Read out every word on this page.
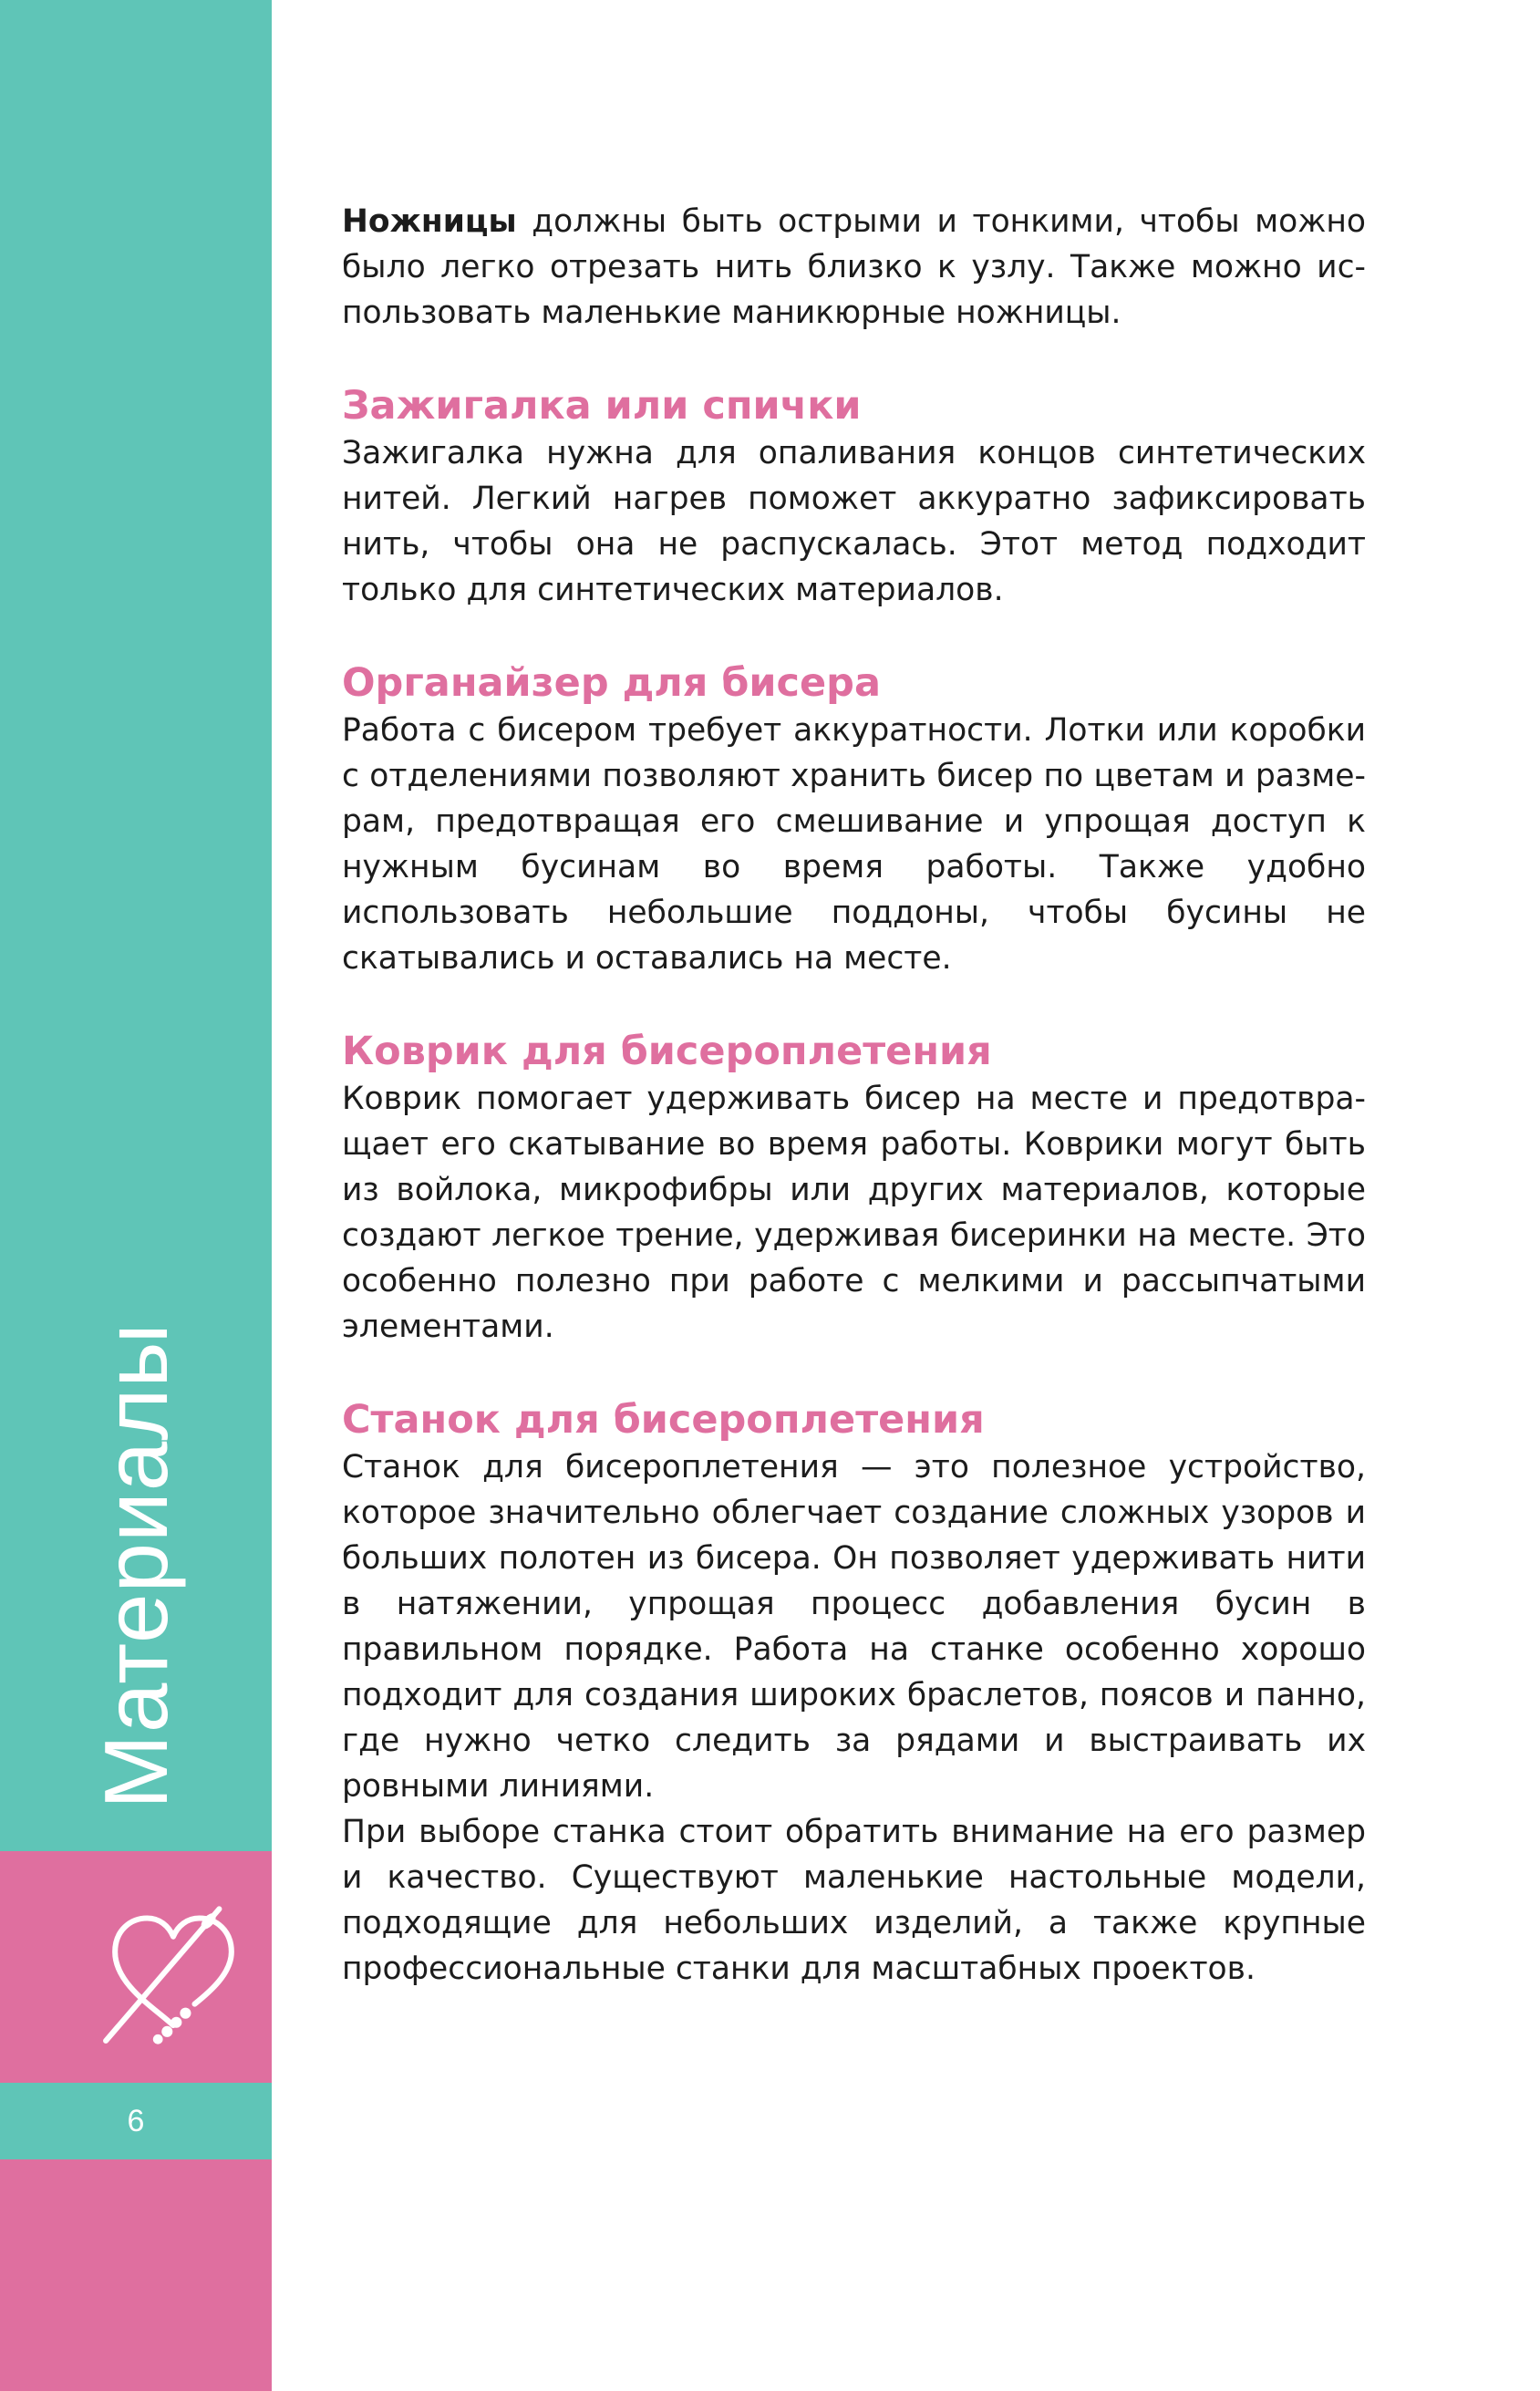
Материалы
6

Ножницы должны быть острыми и тонкими, чтобы можно было легко отрезать нить близко к узлу. Также можно использовать маленькие маникюрные ножницы.

Зажигалка или спички

Зажигалка нужна для опаливания концов синтетических нитей. Легкий нагрев поможет аккуратно зафиксировать нить, чтобы она не распускалась. Этот метод подходит только для синтетических материалов.

Органайзер для бисера

Работа с бисером требует аккуратности. Лотки или коробки с отделениями позволяют хранить бисер по цветам и размерам, предотвращая его смешивание и упрощая доступ к нужным бусинам во время работы. Также удобно использовать небольшие поддоны, чтобы бусины не скатывались и оставались на месте.

Коврик для бисероплетения

Коврик помогает удерживать бисер на месте и предотвращает его скатывание во время работы. Коврики могут быть из войлока, микрофибры или других материалов, которые создают легкое трение, удерживая бисеринки на месте. Это особенно полезно при работе с мелкими и рассыпчатыми элементами.

Станок для бисероплетения

Станок для бисероплетения — это полезное устройство, которое значительно облегчает создание сложных узоров и больших полотен из бисера. Он позволяет удерживать нити в натяжении, упрощая процесс добавления бусин в правильном порядке. Работа на станке особенно хорошо подходит для создания широких браслетов, поясов и панно, где нужно четко следить за рядами и выстраивать их ровными линиями.

При выборе станка стоит обратить внимание на его размер и качество. Существуют маленькие настольные модели, подходящие для небольших изделий, а также крупные профессиональные станки для масштабных проектов.
